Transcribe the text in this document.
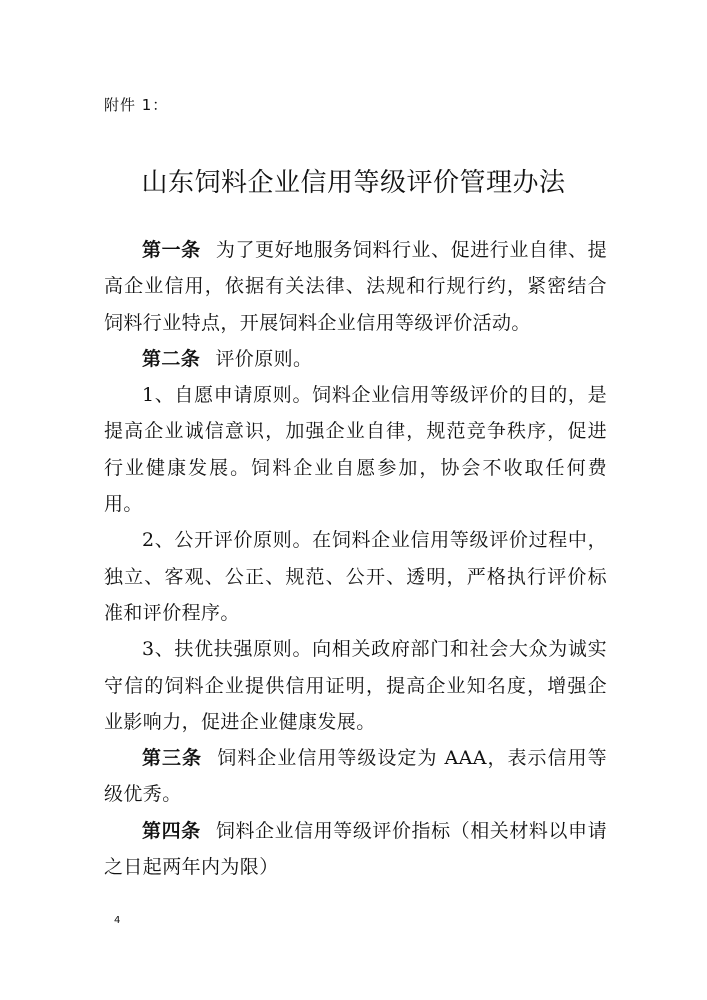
附件 1：
山东饲料企业信用等级评价管理办法

第一条 为了更好地服务饲料行业、促进行业自律、提高企业信用，依据有关法律、法规和行规行约，紧密结合饲料行业特点，开展饲料企业信用等级评价活动。

第二条 评价原则。

1、自愿申请原则。饲料企业信用等级评价的目的，是提高企业诚信意识，加强企业自律，规范竞争秩序，促进行业健康发展。饲料企业自愿参加，协会不收取任何费用。

2、公开评价原则。在饲料企业信用等级评价过程中，独立、客观、公正、规范、公开、透明，严格执行评价标准和评价程序。

3、扶优扶强原则。向相关政府部门和社会大众为诚实守信的饲料企业提供信用证明，提高企业知名度，增强企业影响力，促进企业健康发展。

第三条 饲料企业信用等级设定为 AAA，表示信用等级优秀。

第四条 饲料企业信用等级评价指标（相关材料以申请之日起两年内为限）

4
